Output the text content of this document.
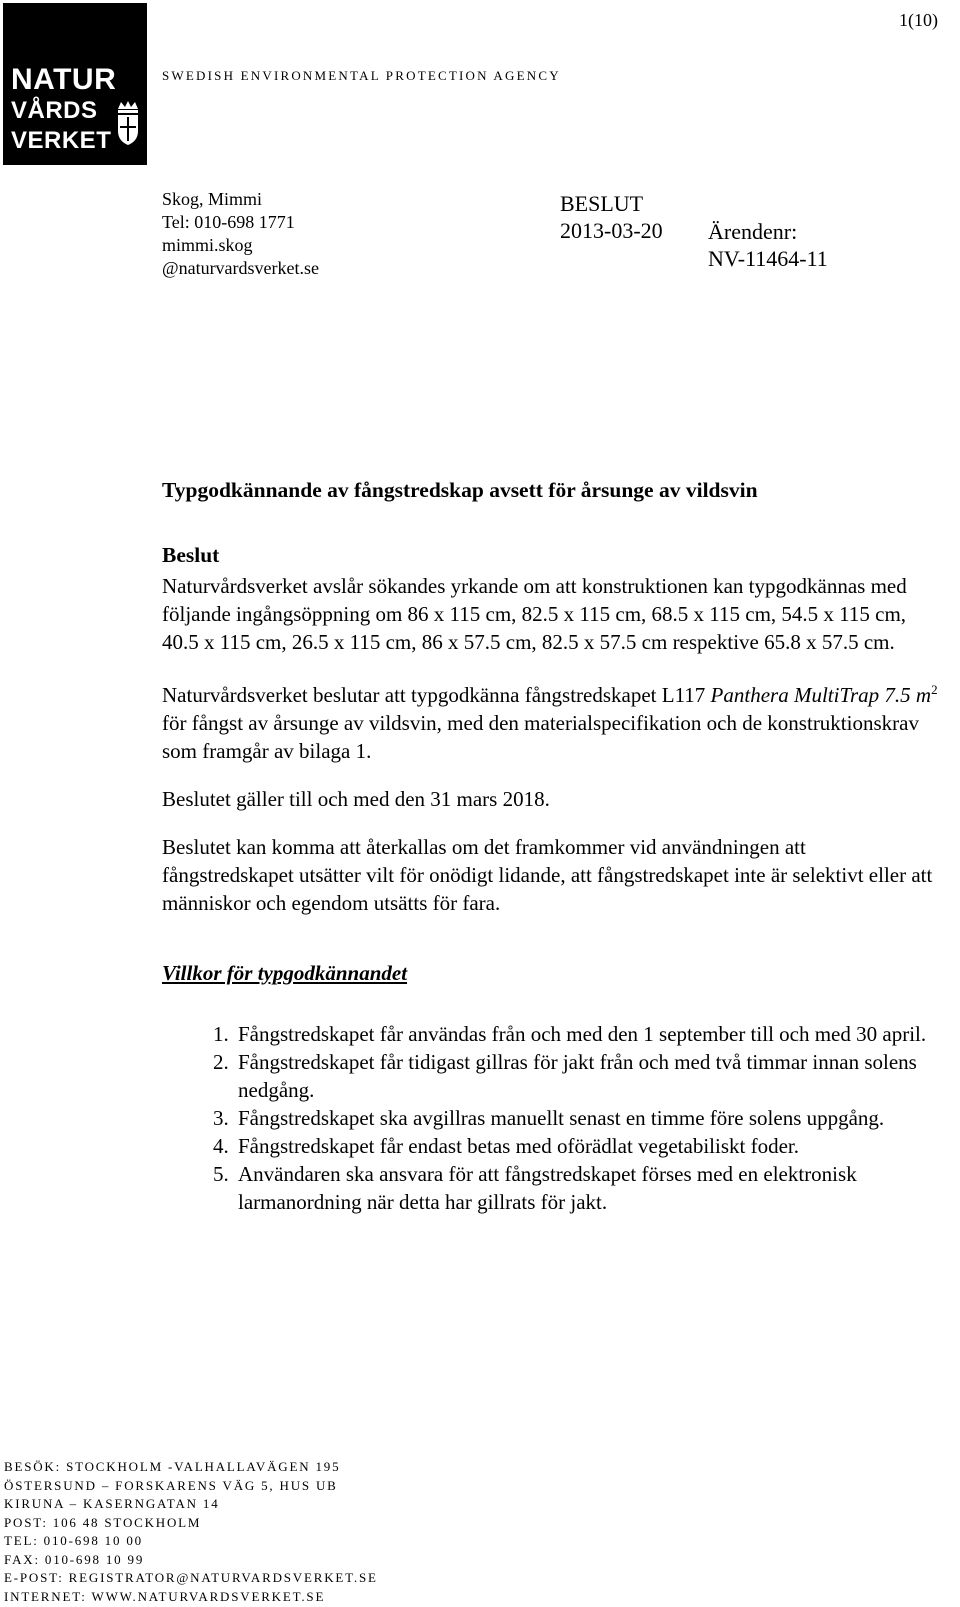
1(10)
NATUR
VÅRDS
VERKET
SWEDISH ENVIRONMENTAL PROTECTION AGENCY
Skog, Mimmi
Tel: 010-698 1771
mimmi.skog
@naturvardsverket.se
BESLUT
2013-03-20 Ärendenr:
NV-11464-11
Typgodkännande av fångstredskap avsett för årsunge av vildsvin
Beslut

Naturvårdsverket avslår sökandes yrkande om att konstruktionen kan typgodkännas med följande ingångsöppning om 86 x 115 cm, 82.5 x 115 cm, 68.5 x 115 cm, 54.5 x 115 cm, 40.5 x 115 cm, 26.5 x 115 cm, 86 x 57.5 cm, 82.5 x 57.5 cm respektive 65.8 x 57.5 cm.

Naturvårdsverket beslutar att typgodkänna fångstredskapet L117 Panthera MultiTrap 7.5 $m^2$ för fångst av årsunge av vildsvin, med den materialspecifikation och de konstruktionskrav som framgår av bilaga 1.

Beslutet gäller till och med den 31 mars 2018.

Beslutet kan komma att återkallas om det framkommer vid användningen att fångstredskapet utsätter vilt för onödigt lidande, att fångstredskapet inte är selektivt eller att människor och egendom utsätts för fara.

Villkor för typgodkännandet
1. Fångstredskapet får användas från och med den 1 september till och med 30 april.
2. Fångstredskapet får tidigast gillras för jakt från och med två timmar innan solens nedgång.
3. Fångstredskapet ska avgillras manuellt senast en timme före solens uppgång.
4. Fångstredskapet får endast betas med oförädlat vegetabiliskt foder.
5. Användaren ska ansvara för att fångstredskapet förses med en elektronisk larmanordning när detta har gillrats för jakt.
BESÖK: STOCKHOLM -VALHALLAVÄGEN 195
ÖSTERSUND – FORSKARENS VÄG 5, HUS UB
KIRUNA – KASERNGATAN 14
POST: 106 48 STOCKHOLM
TEL: 010-698 10 00
FAX: 010-698 10 99
E-POST: REGISTRATOR@NATURVARDSVERKET.SE
INTERNET: WWW.NATURVARDSVERKET.SE
